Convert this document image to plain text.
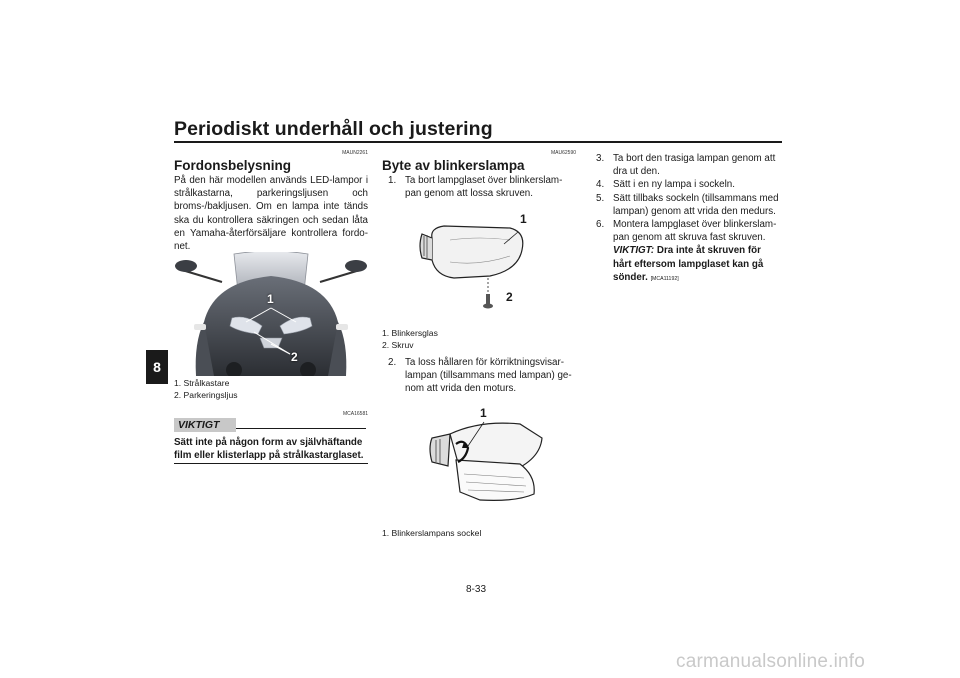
Periodiskt underhåll och justering
8
MAUN2261
Fordonsbelysning
På den här modellen används LED-lampor i strålkastarna, parkeringsljusen och broms-/bakljusen. Om en lampa inte tänds ska du kontrollera säkringen och sedan låta en Yamaha-återförsäljare kontrollera fordo-net.
1
2
1. Strålkastare
2. Parkeringsljus
MCA16581
VIKTIGT
Sätt inte på någon form av självhäftande film eller klisterlapp på strålkastarglaset.
MAU62590
Byte av blinkerslampa
1. Ta bort lampglaset över blinkerslam-pan genom att lossa skruven.
1
2
1. Blinkersglas
2. Skruv
2. Ta loss hållaren för körriktningsvisar-lampan (tillsammans med lampan) ge-nom att vrida den moturs.
1
1. Blinkerslampans sockel
3. Ta bort den trasiga lampan genom att dra ut den.
4. Sätt i en ny lampa i sockeln.
5. Sätt tillbaks sockeln (tillsammans med lampan) genom att vrida den medurs.
6. Montera lampglaset över blinkerslam-pan genom att skruva fast skruven.
VIKTIGT: Dra inte åt skruven för hårt eftersom lampglaset kan gå sönder. [MCA11192]
8-33
carmanualsonline.info
